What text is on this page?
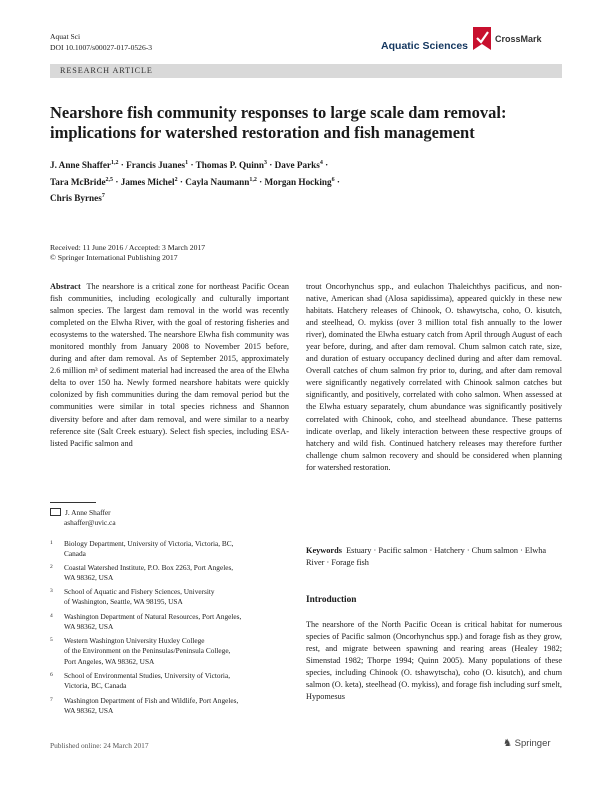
Aquat Sci
DOI 10.1007/s00027-017-0526-3	Aquatic Sciences
CrossMark
RESEARCH ARTICLE
Nearshore fish community responses to large scale dam removal:
implications for watershed restoration and fish management
J. Anne Shaffer$^{1,2}$ · Francis Juanes$^1$ · Thomas P. Quinn$^3$ · Dave Parks$^4$ ·
Tara McBride$^{2,5}$ · James Michel$^2$ · Cayla Naumann$^{1,2}$ · Morgan Hocking$^6$ ·
Chris Byrnes$^7$
Received: 11 June 2016 / Accepted: 3 March 2017
© Springer International Publishing 2017
Abstract The nearshore is a critical zone for northeast Pacific Ocean fish communities, including ecologically and culturally important salmon species. The largest dam removal in the world was recently completed on the Elwha River, with the goal of restoring fisheries and ecosystems to the watershed. The nearshore Elwha fish community was monitored monthly from January 2008 to November 2015 before, during and after dam removal. As of September 2015, approximately 2.6 million m³ of sediment material had increased the area of the Elwha delta to over 150 ha. Newly formed nearshore habitats were quickly colonized by fish communities during the dam removal period but the communities were similar in total species richness and Shannon diversity before and after dam removal, and were similar to a nearby reference site (Salt Creek estuary). Select fish species, including ESA-listed Pacific salmon and
J. Anne Shaffer
ashaffer@uvic.ca
1 Biology Department, University of Victoria, Victoria, BC,
Canada
2 Coastal Watershed Institute, P.O. Box 2263, Port Angeles,
WA 98362, USA
3 School of Aquatic and Fishery Sciences, University
of Washington, Seattle, WA 98195, USA
4 Washington Department of Natural Resources, Port Angeles,
WA 98362, USA
5 Western Washington University Huxley College
of the Environment on the Peninsulas/Peninsula College,
Port Angeles, WA 98362, USA
6 School of Environmental Studies, University of Victoria,
Victoria, BC, Canada
7 Washington Department of Fish and Wildlife, Port Angeles,
WA 98362, USA
trout Oncorhynchus spp., and eulachon Thaleichthys pacificus, and non-native, American shad (Alosa sapidissima), appeared quickly in these new habitats. Hatchery releases of Chinook, O. tshawytscha, coho, O. kisutch, and steelhead, O. mykiss (over 3 million total fish annually to the lower river), dominated the Elwha estuary catch from April through August of each year before, during, and after dam removal. Chum salmon catch rate, size, and duration of estuary occupancy declined during and after dam removal. Overall catches of chum salmon fry prior to, during, and after dam removal were significantly negatively correlated with Chinook salmon catches but significantly, and positively, correlated with coho salmon. When assessed at the Elwha estuary separately, chum abundance was significantly positively correlated with Chinook, coho, and steelhead abundance. These patterns indicate overlap, and likely interaction between these respective groups of hatchery and wild fish. Continued hatchery releases may therefore further challenge chum salmon recovery and should be considered when planning for watershed restoration.
Keywords Estuary · Pacific salmon · Hatchery · Chum salmon · Elwha River · Forage fish
Introduction
The nearshore of the North Pacific Ocean is critical habitat for numerous species of Pacific salmon (Oncorhynchus spp.) and forage fish as they grow, rest, and migrate between spawning and rearing areas (Healey 1982; Simenstad 1982; Thorpe 1994; Quinn 2005). Many populations of these species, including Chinook (O. tshawytscha), coho (O. kisutch), and chum salmon (O. keta), steelhead (O. mykiss), and forage fish including surf smelt, Hypomesus
Published online: 24 March 2017	♞ Springer
